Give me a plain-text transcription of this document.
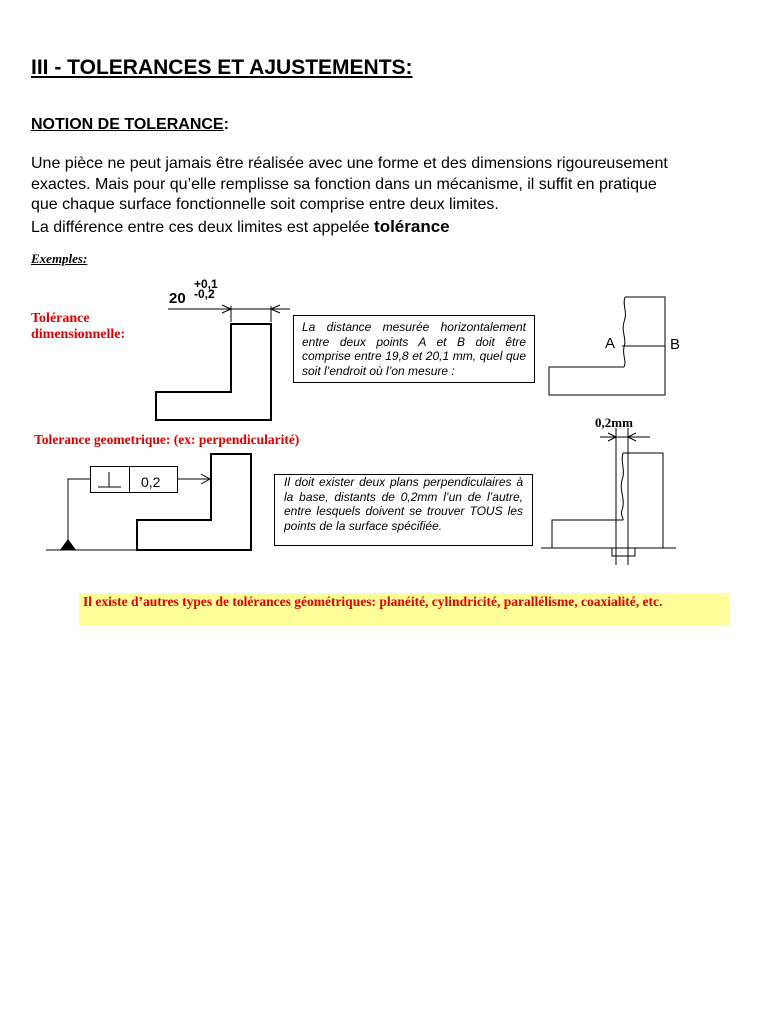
III - TOLERANCES ET AJUSTEMENTS:
NOTION DE TOLERANCE:
Une pièce ne peut jamais être réalisée avec une forme et des dimensions rigoureusement
exactes. Mais pour qu’elle remplisse sa fonction dans un mécanisme, il suffit en pratique
que chaque surface fonctionnelle soit comprise entre deux limites.
La différence entre ces deux limites est appelée tolérance
Exemples:
20
+0,1
-0,2
Tolérance
dimensionnelle:	La distance mesurée horizontalement entre deux points A et B doit être comprise entre 19,8 et 20,1 mm, quel que soit l’endroit où l’on mesure :
A	B
Tolerance geometrique: (ex: perpendicularité)
0,2	Il doit exister deux plans perpendiculaires à la base, distants de 0,2mm l’un de l’autre, entre lesquels doivent se trouver TOUS les points de la surface spécifiée.
0,2mm
Il existe d’autres types de tolérances géométriques: planéité, cylindricité, parallélisme, coaxialité, etc.
